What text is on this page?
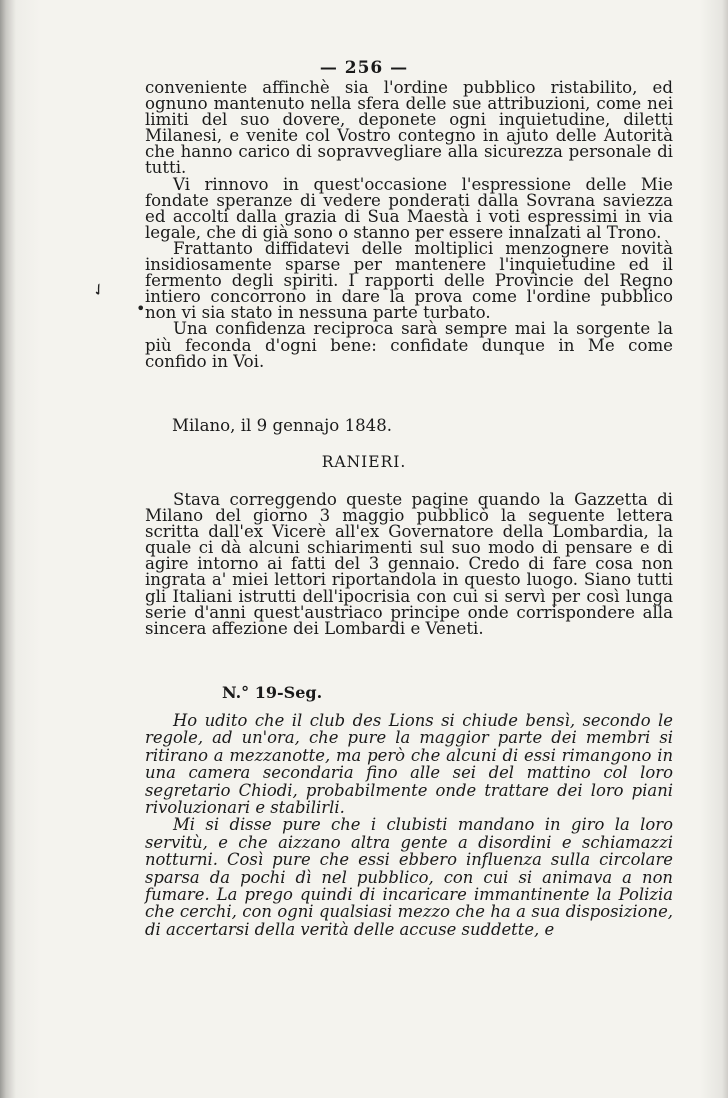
— 256 —

conveniente affinchè sia l'ordine pubblico ristabilito, ed ognuno mantenuto nella sfera delle sue attribuzioni, come nei limiti del suo dovere, deponete ogni inquietudine, diletti Milanesi, e venite col Vostro contegno in ajuto delle Autorità che hanno carico di sopravvegliare alla sicurezza personale di tutti.

Vi rinnovo in quest'occasione l'espressione delle Mie fondate speranze di vedere ponderati dalla Sovrana saviezza ed accolti dalla grazia di Sua Maestà i voti espressimi in via legale, che di già sono o stanno per essere innalzati al Trono.

Frattanto diffidatevi delle moltiplici menzognere novità insidiosamente sparse per mantenere l'inquietudine ed il fermento degli spiriti. I rapporti delle Provincie del Regno intiero concorrono in dare la prova come l'ordine pubblico non vi sia stato in nessuna parte turbato.

Una confidenza reciproca sarà sempre mai la sorgente la più feconda d'ogni bene: confidate dunque in Me come confido in Voi.

Milano, il 9 gennajo 1848.
RANIERI.

Stava correggendo queste pagine quando la Gazzetta di Milano del giorno 3 maggio pubblicò la seguente lettera scritta dall'ex Vicerè all'ex Governatore della Lombardia, la quale ci dà alcuni schiarimenti sul suo modo di pensare e di agire intorno ai fatti del 3 gennaio. Credo di fare cosa non ingrata a' miei lettori riportandola in questo luogo. Siano tutti gli Italiani istrutti dell'ipocrisia con cui si servì per così lunga serie d'anni quest'austriaco principe onde corrispondere alla sincera affezione dei Lombardi e Veneti.

N.° 19-Seg.

Ho udito che il club des Lions si chiude bensì, secondo le regole, ad un'ora, che pure la maggior parte dei membri si ritirano a mezzanotte, ma però che alcuni di essi rimangono in una camera secondaria fino alle sei del mattino col loro segretario Chiodi, probabilmente onde trattare dei loro piani rivoluzionari e stabilirli.

Mi si disse pure che i clubisti mandano in giro la loro servitù, e che aizzano altra gente a disordini e schiamazzi notturni. Così pure che essi ebbero influenza sulla circolare sparsa da pochi dì nel pubblico, con cui si animava a non fumare. La prego quindi di incaricare immantinente la Polizia che cerchi, con ogni qualsiasi mezzo che ha a sua disposizione, di accertarsi della verità delle accuse suddette, e

✓
•
